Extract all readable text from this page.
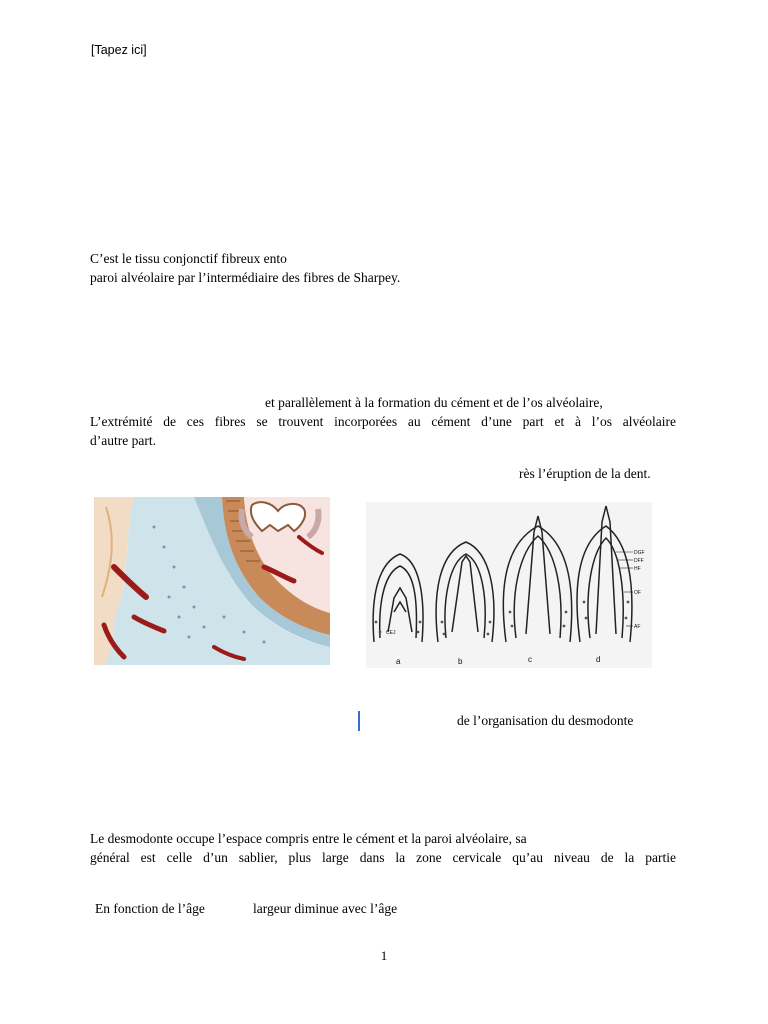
[Tapez ici]
C’est le tissu conjonctif fibreux ento
paroi alvéolaire par l’intermédiaire des fibres de Sharpey.
et parallèlement à la formation du cément et de l’os alvéolaire,
L’extrémité de ces fibres se trouvent incorporées au cément d’une part et à l’os alvéolaire
d’autre part.
rès l’éruption de la dent.
a	b	c	d
CEJ
DGF
DFF
HF
OF
AF
de l’organisation du desmodonte
Le desmodonte occupe l’espace compris entre le cément et la paroi alvéolaire, sa
général est celle d’un sablier, plus large dans la zone cervicale qu’au niveau de la partie
En fonction de l’âge	largeur diminue avec l’âge
1
